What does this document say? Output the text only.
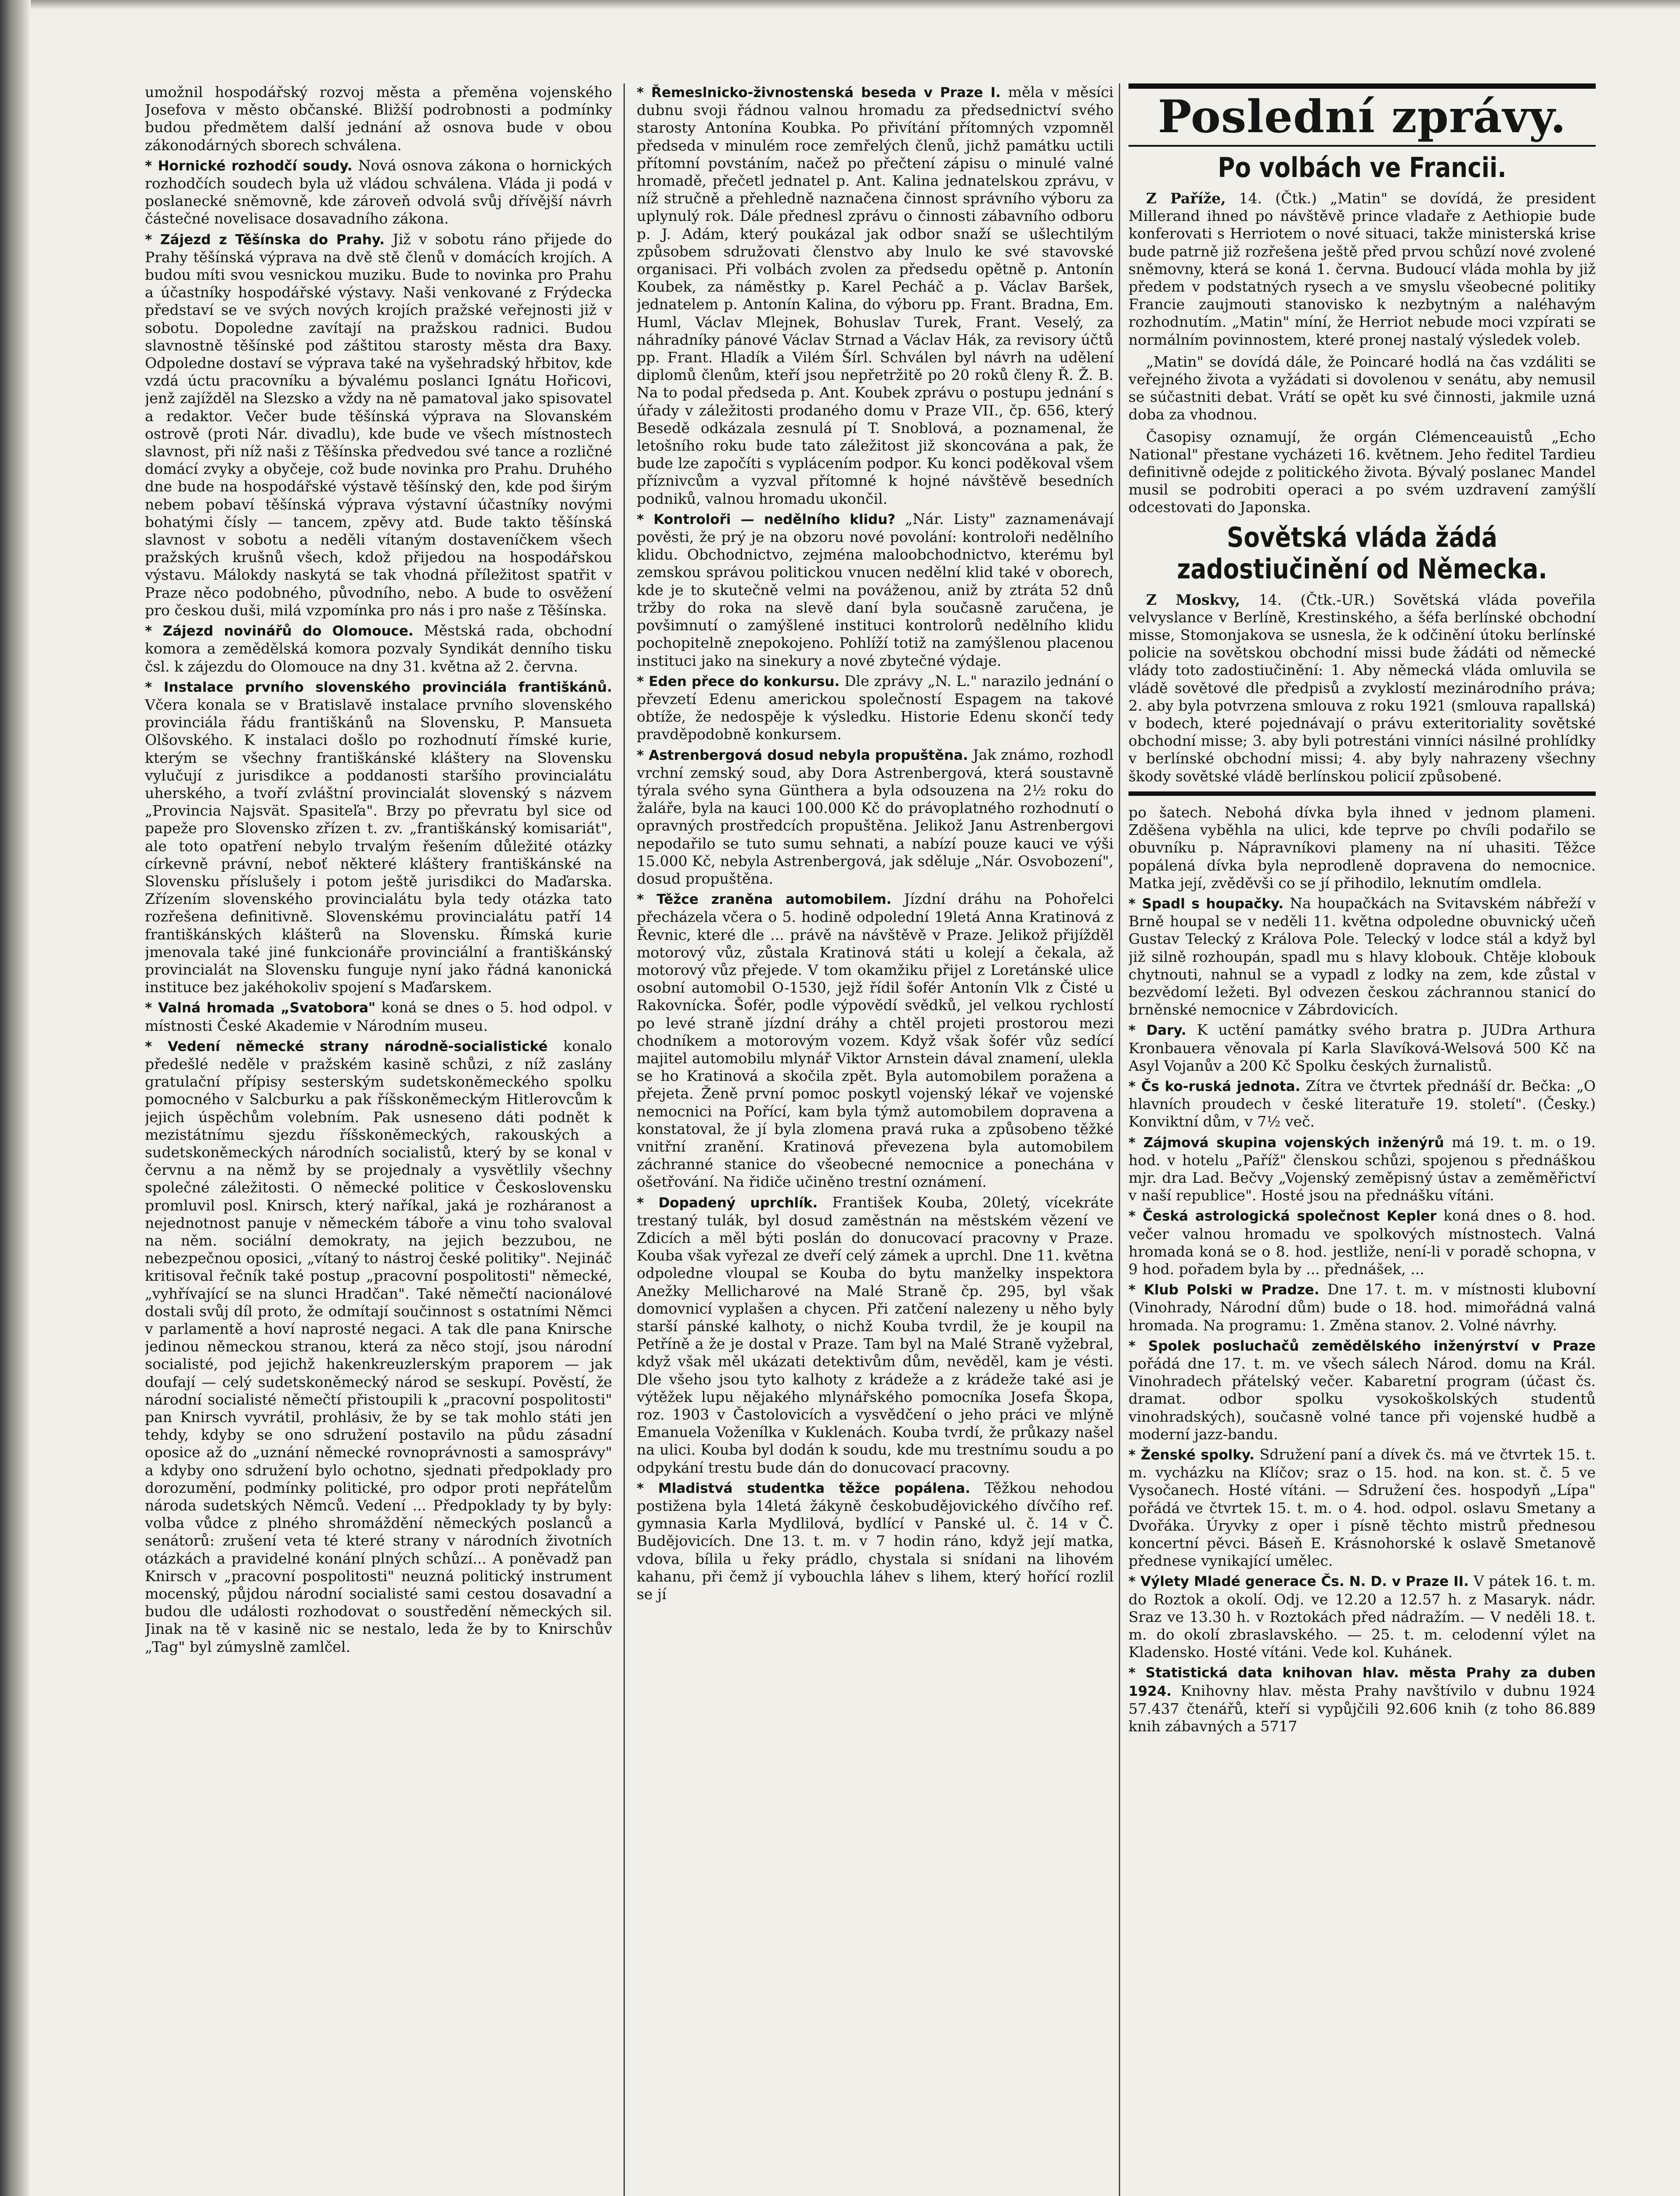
umožnil hospodářský rozvoj města a přeměna vojenského Josefova v město občanské. Bližší podrobnosti a podmínky budou předmětem další jednání až osnova bude v obou zákonodárných sborech schválena.

* Hornické rozhodčí soudy. Nová osnova zákona o hornických rozhodčích soudech byla už vládou schválena. Vláda ji podá v poslanecké sněmovně, kde zároveň odvolá svůj dřívější návrh částečné novelisace dosavadního zákona.

* Zájezd z Těšínska do Prahy. Již v sobotu ráno přijede do Prahy těšínská výprava na dvě stě členů v domácích krojích. A budou míti svou vesnickou muziku. Bude to novinka pro Prahu a účastníky hospodářské výstavy. Naši venkované z Frýdecka představí se ve svých nových krojích pražské veřejnosti již v sobotu. Dopoledne zavítají na pražskou radnici. Budou slavnostně těšínské pod záštitou starosty města dra Baxy. Odpoledne dostaví se výprava také na vyšehradský hřbitov, kde vzdá úctu pracovníku a bývalému poslanci Ignátu Hořicovi, jenž zajížděl na Slezsko a vždy na ně pamatoval jako spisovatel a redaktor. Večer bude těšínská výprava na Slovanském ostrově (proti Nár. divadlu), kde bude ve všech místnostech slavnost, při níž naši z Těšínska předvedou své tance a rozličné domácí zvyky a obyčeje, což bude novinka pro Prahu. Druhého dne bude na hospodářské výstavě těšínský den, kde pod širým nebem pobaví těšínská výprava výstavní účastníky novými bohatými čísly — tancem, zpěvy atd. Bude takto těšínská slavnost v sobotu a neděli vítaným dostaveníčkem všech pražských krušnů všech, kdož přijedou na hospodářskou výstavu. Málokdy naskytá se tak vhodná příležitost spatřit v Praze něco podobného, původního, nebo. A bude to osvěžení pro českou duši, milá vzpomínka pro nás i pro naše z Těšínska.

* Zájezd novinářů do Olomouce. Městská rada, obchodní komora a zemědělská komora pozvaly Syndikát denního tisku čsl. k zájezdu do Olomouce na dny 31. května až 2. června.

* Instalace prvního slovenského provinciála františkánů. Včera konala se v Bratislavě instalace prvního slovenského provinciála řádu františkánů na Slovensku, P. Mansueta Olšovského. K instalaci došlo po rozhodnutí římské kurie, kterým se všechny františkánské kláštery na Slovensku vylučují z jurisdikce a poddanosti staršího provincialátu uherského, a tvoří zvláštní provincialát slovenský s názvem „Provincia Najsvät. Spasiteľa". Brzy po převratu byl sice od papeže pro Slovensko zřízen t. zv. „františkánský komisariát", ale toto opatření nebylo trvalým řešením důležité otázky církevně právní, neboť některé kláštery františkánské na Slovensku příslušely i potom ještě jurisdikci do Maďarska. Zřízením slovenského provincialátu byla tedy otázka tato rozřešena definitivně. Slovenskému provincialátu patří 14 františkánských klášterů na Slovensku. Římská kurie jmenovala také jiné funkcionáře provinciální a františkánský provincialát na Slovensku funguje nyní jako řádná kanonická instituce bez jakéhokoliv spojení s Maďarskem.

* Valná hromada „Svatobora" koná se dnes o 5. hod odpol. v místnosti České Akademie v Národním museu.

* Vedení německé strany národně-socialistické konalo předešlé neděle v pražském kasině schůzi, z níž zaslány gratulační přípisy sesterským sudetskoněmeckého spolku pomocného v Salcburku a pak říšskoněmeckým Hitlerovcům k jejich úspěchům volebním. Pak usneseno dáti podnět k mezistátnímu sjezdu říšskoněmeckých, rakouských a sudetskoněmeckých národních socialistů, který by se konal v červnu a na němž by se projednaly a vysvětlily všechny společné záležitosti. O německé politice v Československu promluvil posl. Knirsch, který naříkal, jaká je rozháranost a nejednotnost panuje v německém táboře a vinu toho svaloval na něm. sociální demokraty, na jejich bezzubou, ne nebezpečnou oposici, „vítaný to nástroj české politiky". Nejináč kritisoval řečník také postup „pracovní pospolitosti" německé, „vyhřívající se na slunci Hradčan". Také němečtí nacionálové dostali svůj díl proto, že odmítají součinnost s ostatními Němci v parlamentě a hoví naprosté negaci. A tak dle pana Knirsche jedinou německou stranou, která za něco stojí, jsou národní socialisté, pod jejichž hakenkreuzlerským praporem — jak doufají — celý sudetskoněmecký národ se seskupí. Pověstí, že národní socialisté němečtí přistoupili k „pracovní pospolitosti" pan Knirsch vyvrátil, prohlásiv, že by se tak mohlo státi jen tehdy, kdyby se ono sdružení postavilo na půdu zásadní oposice až do „uznání německé rovnoprávnosti a samosprávy" a kdyby ono sdružení bylo ochotno, sjednati předpoklady pro dorozumění, podmínky politické, pro odpor proti nepřátelům národa sudetských Němců. Vedení ... Předpoklady ty by byly: volba vůdce z plného shromáždění německých poslanců a senátorů: zrušení veta té které strany v národních životních otázkách a pravidelné konání plných schůzí... A poněvadž pan Knirsch v „pracovní pospolitosti" neuzná politický instrument mocenský, půjdou národní socialisté sami cestou dosavadní a budou dle události rozhodovat o soustředění německých sil. Jinak na tě v kasině nic se nestalo, leda že by to Knirschův „Tag" byl zúmyslně zamlčel.

* Řemeslnicko-živnostenská beseda v Praze I. měla v měsíci dubnu svoji řádnou valnou hromadu za předsednictví svého starosty Antonína Koubka. Po přivítání přítomných vzpomněl předseda v minulém roce zemřelých členů, jichž památku uctili přítomní povstáním, načež po přečtení zápisu o minulé valné hromadě, přečetl jednatel p. Ant. Kalina jednatelskou zprávu, v níž stručně a přehledně naznačena činnost správního výboru za uplynulý rok. Dále přednesl zprávu o činnosti zábavního odboru p. J. Adám, který poukázal jak odbor snaží se ušlechtilým způsobem sdružovati členstvo aby lnulo ke své stavovské organisaci. Při volbách zvolen za předsedu opětně p. Antonín Koubek, za náměstky p. Karel Pecháč a p. Václav Baršek, jednatelem p. Antonín Kalina, do výboru pp. Frant. Bradna, Em. Huml, Václav Mlejnek, Bohuslav Turek, Frant. Veselý, za náhradníky pánové Václav Strnad a Václav Hák, za revisory účtů pp. Frant. Hladík a Vilém Šírl. Schválen byl návrh na udělení diplomů členům, kteří jsou nepřetržitě po 20 roků členy Ř. Ž. B. Na to podal předseda p. Ant. Koubek zprávu o postupu jednání s úřady v záležitosti prodaného domu v Praze VII., čp. 656, který Besedě odkázala zesnulá pí T. Snoblová, a poznamenal, že letošního roku bude tato záležitost již skoncována a pak, že bude lze započíti s vyplácením podpor. Ku konci poděkoval všem příznivcům a vyzval přítomné k hojné návštěvě besedních podniků, valnou hromadu ukončil.

* Kontroloři — nedělního klidu? „Nár. Listy" zaznamenávají pověsti, že prý je na obzoru nové povolání: kontroloři nedělního klidu. Obchodnictvo, zejména maloobchodnictvo, kterému byl zemskou správou politickou vnucen nedělní klid také v oborech, kde je to skutečně velmi na pováženou, aniž by ztráta 52 dnů tržby do roka na slevě daní byla současně zaručena, je povšimnutí o zamýšlené instituci kontrolorů nedělního klidu pochopitelně znepokojeno. Pohlíží totiž na zamýšlenou placenou instituci jako na sinekury a nové zbytečné výdaje.

* Eden přece do konkursu. Dle zprávy „N. L." narazilo jednání o převzetí Edenu americkou společností Espagem na takové obtíže, že nedospěje k výsledku. Historie Edenu skončí tedy pravděpodobně konkursem.

* Astrenbergová dosud nebyla propuštěna. Jak známo, rozhodl vrchní zemský soud, aby Dora Astrenbergová, která soustavně týrala svého syna Günthera a byla odsouzena na 2½ roku do žaláře, byla na kauci 100.000 Kč do právoplatného rozhodnutí o opravných prostředcích propuštěna. Jelikož Janu Astrenbergovi nepodařilo se tuto sumu sehnati, a nabízí pouze kauci ve výši 15.000 Kč, nebyla Astrenbergová, jak sděluje „Nár. Osvobození", dosud propuštěna.

* Těžce zraněna automobilem. Jízdní dráhu na Pohořelci přecházela včera o 5. hodině odpolední 19letá Anna Kratinová z Řevnic, které dle ... právě na návštěvě v Praze. Jelikož přijížděl motorový vůz, zůstala Kratinová státi u kolejí a čekala, až motorový vůz přejede. V tom okamžiku přijel z Loretánské ulice osobní automobil O-1530, jejž řídil šofér Antonín Vlk z Čisté u Rakovnícka. Šofér, podle výpovědí svědků, jel velkou rychlostí po levé straně jízdní dráhy a chtěl projeti prostorou mezi chodníkem a motorovým vozem. Když však šofér vůz sedící majitel automobilu mlynář Viktor Arnstein dával znamení, ulekla se ho Kratinová a skočila zpět. Byla automobilem poražena a přejeta. Ženě první pomoc poskytl vojenský lékař ve vojenské nemocnici na Pořící, kam byla týmž automobilem dopravena a konstatoval, že jí byla zlomena pravá ruka a způsobeno těžké vnitřní zranění. Kratinová převezena byla automobilem záchranné stanice do všeobecné nemocnice a ponechána v ošetřování. Na řidiče učiněno trestní oznámení.

* Dopadený uprchlík. František Kouba, 20letý, vícekráte trestaný tulák, byl dosud zaměstnán na městském vězení ve Zdicích a měl býti poslán do donucovací pracovny v Praze. Kouba však vyřezal ze dveří celý zámek a uprchl. Dne 11. května odpoledne vloupal se Kouba do bytu manželky inspektora Anežky Mellicharové na Malé Straně čp. 295, byl však domovnicí vyplašen a chycen. Při zatčení nalezeny u něho byly starší pánské kalhoty, o nichž Kouba tvrdil, že je koupil na Petříně a že je dostal v Praze. Tam byl na Malé Straně vyžebral, když však měl ukázati detektivům dům, nevěděl, kam je vésti. Dle všeho jsou tyto kalhoty z krádeže a z krádeže také asi je výtěžek lupu nějakého mlynářského pomocníka Josefa Škopa, roz. 1903 v Častolovicích a vysvědčení o jeho práci ve mlýně Emanuela Voženílka v Kuklenách. Kouba tvrdí, že průkazy našel na ulici. Kouba byl dodán k soudu, kde mu trestnímu soudu a po odpykání trestu bude dán do donucovací pracovny.

* Mladistvá studentka těžce popálena. Těžkou nehodou postižena byla 14letá žákyně českobudějovického dívčího ref. gymnasia Karla Mydlilová, bydlící v Panské ul. č. 14 v Č. Budějovicích. Dne 13. t. m. v 7 hodin ráno, když její matka, vdova, bílila u řeky prádlo, chystala si snídani na lihovém kahanu, při čemž jí vybouchla láhev s lihem, který hořící rozlil se jí

Poslední zprávy.
Po volbách ve Francii.

Z Paříže, 14. (Čtk.) „Matin" se dovídá, že president Millerand ihned po návštěvě prince vladaře z Aethiopie bude konferovati s Herriotem o nové situaci, takže ministerská krise bude patrně již rozřešena ještě před prvou schůzí nové zvolené sněmovny, která se koná 1. června. Budoucí vláda mohla by již předem v podstatných rysech a ve smyslu všeobecné politiky Francie zaujmouti stanovisko k nezbytným a naléhavým rozhodnutím. „Matin" míní, že Herriot nebude moci vzpírati se normálním povinnostem, které pronej nastalý výsledek voleb.

„Matin" se dovídá dále, že Poincaré hodlá na čas vzdáliti se veřejného života a vyžádati si dovolenou v senátu, aby nemusil se súčastniti debat. Vrátí se opět ku své činnosti, jakmile uzná doba za vhodnou.

Časopisy oznamují, že orgán Clémenceauistů „Echo National" přestane vycházeti 16. květnem. Jeho ředitel Tardieu definitivně odejde z politického života. Bývalý poslanec Mandel musil se podrobiti operaci a po svém uzdravení zamýšlí odcestovati do Japonska.

Sovětská vláda žádá zadostiučinění od Německa.

Z Moskvy, 14. (Čtk.-UR.) Sovětská vláda poveřila velvyslance v Berlíně, Krestinského, a šéfa berlínské obchodní misse, Stomonjakova se usnesla, že k odčinění útoku berlínské policie na sovětskou obchodní missi bude žádáti od německé vlády toto zadostiučinění: 1. Aby německá vláda omluvila se vládě sovětové dle předpisů a zvyklostí mezinárodního práva; 2. aby byla potvrzena smlouva z roku 1921 (smlouva rapallská) v bodech, které pojednávají o právu exteritoriality sovětské obchodní misse; 3. aby byli potrestáni vinníci násilné prohlídky v berlínské obchodní missi; 4. aby byly nahrazeny všechny škody sovětské vládě berlínskou policií způsobené.

po šatech. Nebohá dívka byla ihned v jednom plameni. Zděšena vyběhla na ulici, kde teprve po chvíli podařilo se obuvníku p. Nápravníkovi plameny na ní uhasiti. Těžce popálená dívka byla neprodleně dopravena do nemocnice. Matka její, zvěděvši co se jí přihodilo, leknutím omdlela.

* Spadl s houpačky. Na houpačkách na Svitavském nábřeží v Brně houpal se v neděli 11. května odpoledne obuvnický učeň Gustav Telecký z Králova Pole. Telecký v lodce stál a když byl již silně rozhoupán, spadl mu s hlavy klobouk. Chtěje klobouk chytnouti, nahnul se a vypadl z lodky na zem, kde zůstal v bezvědomí ležeti. Byl odvezen českou záchrannou stanicí do brněnské nemocnice v Zábrdovicích.

* Dary. K uctění památky svého bratra p. JUDra Arthura Kronbauera věnovala pí Karla Slavíková-Welsová 500 Kč na Asyl Vojanův a 200 Kč Spolku českých žurnalistů.

* Čs ko-ruská jednota. Zítra ve čtvrtek přednáší dr. Bečka: „O hlavních proudech v české literatuře 19. století". (Česky.) Konviktní dům, v 7½ več.

* Zájmová skupina vojenských inženýrů má 19. t. m. o 19. hod. v hotelu „Paříž" členskou schůzi, spojenou s přednáškou mjr. dra Lad. Bečvy „Vojenský zeměpisný ústav a zeměměřictví v naší republice". Hosté jsou na přednášku vítáni.

* Česká astrologická společnost Kepler koná dnes o 8. hod. večer valnou hromadu ve spolkových místnostech. Valná hromada koná se o 8. hod. jestliže, není-li v poradě schopna, v 9 hod. pořadem byla by ... přednášek, ...

* Klub Polski w Pradze. Dne 17. t. m. v místnosti klubovní (Vinohrady, Národní dům) bude o 18. hod. mimořádná valná hromada. Na programu: 1. Změna stanov. 2. Volné návrhy.

* Spolek posluchačů zemědělského inženýrství v Praze pořádá dne 17. t. m. ve všech sálech Národ. domu na Král. Vinohradech přátelský večer. Kabaretní program (účast čs. dramat. odbor spolku vysokoškolských studentů vinohradských), současně volné tance při vojenské hudbě a moderní jazz-bandu.

* Ženské spolky. Sdružení paní a dívek čs. má ve čtvrtek 15. t. m. vycházku na Klíčov; sraz o 15. hod. na kon. st. č. 5 ve Vysočanech. Hosté vítáni. — Sdružení čes. hospodyň „Lípa" pořádá ve čtvrtek 15. t. m. o 4. hod. odpol. oslavu Smetany a Dvořáka. Úryvky z oper i písně těchto mistrů přednesou koncertní pěvci. Báseň E. Krásnohorské k oslavě Smetanově přednese vynikající umělec.

* Výlety Mladé generace Čs. N. D. v Praze II. V pátek 16. t. m. do Roztok a okolí. Odj. ve 12.20 a 12.57 h. z Masaryk. nádr. Sraz ve 13.30 h. v Roztokách před nádražím. — V neděli 18. t. m. do okolí zbraslavského. — 25. t. m. celodenní výlet na Kladensko. Hosté vítáni. Vede kol. Kuhánek.

* Statistická data knihovan hlav. města Prahy za duben 1924. Knihovny hlav. města Prahy navštívilo v dubnu 1924 57.437 čtenářů, kteří si vypůjčili 92.606 knih (z toho 86.889 knih zábavných a 5717
